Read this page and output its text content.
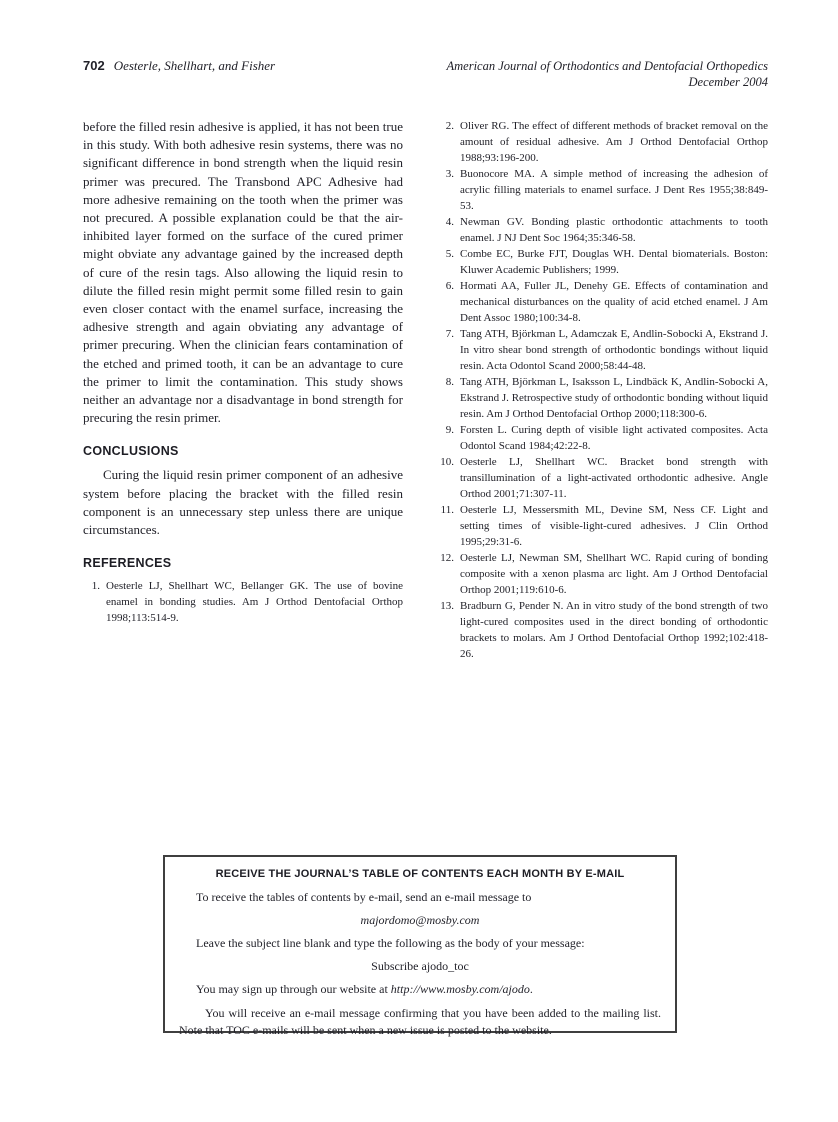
702 Oesterle, Shellhart, and Fisher	American Journal of Orthodontics and Dentofacial Orthopedics
December 2004

before the filled resin adhesive is applied, it has not been true in this study. With both adhesive resin systems, there was no significant difference in bond strength when the liquid resin primer was precured. The Transbond APC Adhesive had more adhesive remaining on the tooth when the primer was not precured. A possible explanation could be that the air-inhibited layer formed on the surface of the cured primer might obviate any advantage gained by the increased depth of cure of the resin tags. Also allowing the liquid resin to dilute the filled resin might permit some filled resin to gain even closer contact with the enamel surface, increasing the adhesive strength and again obviating any advantage of primer precuring. When the clinician fears contamination of the etched and primed tooth, it can be an advantage to cure the primer to limit the contamination. This study shows neither an advantage nor a disadvantage in bond strength for precuring the resin primer.

CONCLUSIONS

Curing the liquid resin primer component of an adhesive system before placing the bracket with the filled resin component is an unnecessary step unless there are unique circumstances.

REFERENCES
1. Oesterle LJ, Shellhart WC, Bellanger GK. The use of bovine enamel in bonding studies. Am J Orthod Dentofacial Orthop 1998;113:514-9.
2. Oliver RG. The effect of different methods of bracket removal on the amount of residual adhesive. Am J Orthod Dentofacial Orthop 1988;93:196-200.
3. Buonocore MA. A simple method of increasing the adhesion of acrylic filling materials to enamel surface. J Dent Res 1955;38:849-53.
4. Newman GV. Bonding plastic orthodontic attachments to tooth enamel. J NJ Dent Soc 1964;35:346-58.
5. Combe EC, Burke FJT, Douglas WH. Dental biomaterials. Boston: Kluwer Academic Publishers; 1999.
6. Hormati AA, Fuller JL, Denehy GE. Effects of contamination and mechanical disturbances on the quality of acid etched enamel. J Am Dent Assoc 1980;100:34-8.
7. Tang ATH, Björkman L, Adamczak E, Andlin-Sobocki A, Ekstrand J. In vitro shear bond strength of orthodontic bondings without liquid resin. Acta Odontol Scand 2000;58:44-48.
8. Tang ATH, Björkman L, Isaksson L, Lindbäck K, Andlin-Sobocki A, Ekstrand J. Retrospective study of orthodontic bonding without liquid resin. Am J Orthod Dentofacial Orthop 2000;118:300-6.
9. Forsten L. Curing depth of visible light activated composites. Acta Odontol Scand 1984;42:22-8.
10. Oesterle LJ, Shellhart WC. Bracket bond strength with transillumination of a light-activated orthodontic adhesive. Angle Orthod 2001;71:307-11.
11. Oesterle LJ, Messersmith ML, Devine SM, Ness CF. Light and setting times of visible-light-cured adhesives. J Clin Orthod 1995;29:31-6.
12. Oesterle LJ, Newman SM, Shellhart WC. Rapid curing of bonding composite with a xenon plasma arc light. Am J Orthod Dentofacial Orthop 2001;119:610-6.
13. Bradburn G, Pender N. An in vitro study of the bond strength of two light-cured composites used in the direct bonding of orthodontic brackets to molars. Am J Orthod Dentofacial Orthop 1992;102:418-26.
RECEIVE THE JOURNAL’S TABLE OF CONTENTS EACH MONTH BY E-MAIL

To receive the tables of contents by e-mail, send an e-mail message to

majordomo@mosby.com

Leave the subject line blank and type the following as the body of your message:

Subscribe ajodo_toc

You may sign up through our website at http://www.mosby.com/ajodo.

You will receive an e-mail message confirming that you have been added to the mailing list. Note that TOC e-mails will be sent when a new issue is posted to the website.
